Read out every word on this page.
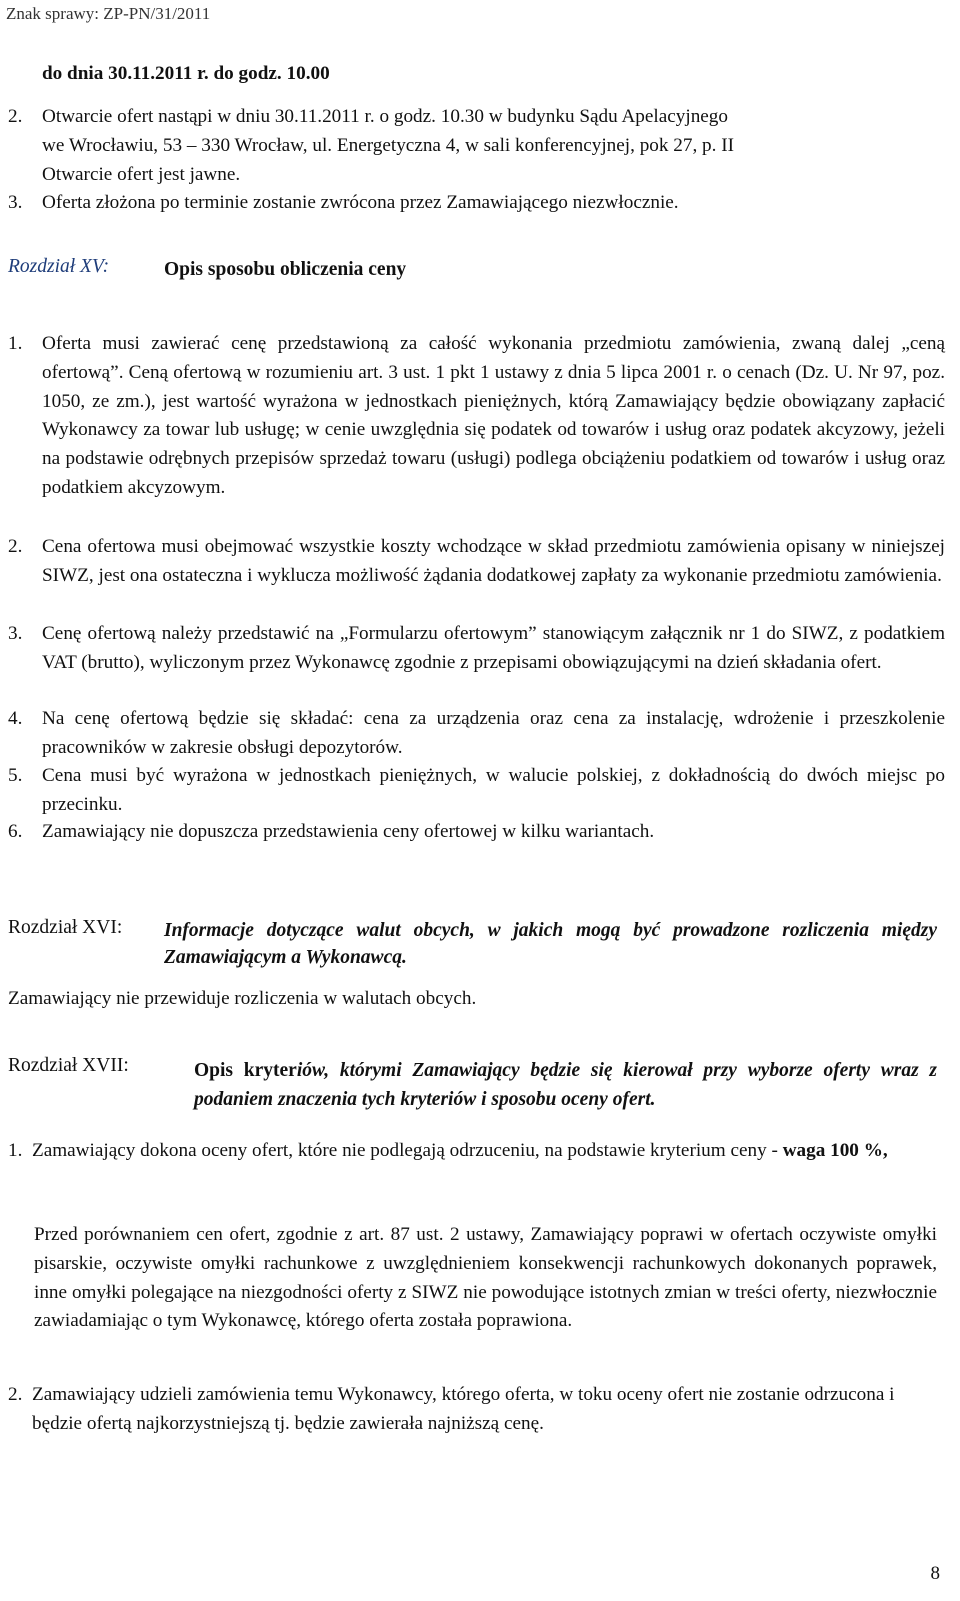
Znak sprawy: ZP-PN/31/2011
do dnia 30.11.2011 r. do godz. 10.00
2. Otwarcie ofert nastąpi w dniu 30.11.2011 r. o godz. 10.30 w budynku Sądu Apelacyjnego
we Wrocławiu, 53 – 330 Wrocław, ul. Energetyczna 4, w sali konferencyjnej, pok 27, p. II
Otwarcie ofert jest jawne.
3. Oferta złożona po terminie zostanie zwrócona przez Zamawiającego niezwłocznie.
Rozdział XV:	Opis sposobu obliczenia ceny
1. Oferta musi zawierać cenę przedstawioną za całość wykonania przedmiotu zamówienia, zwaną dalej „ceną ofertową”. Ceną ofertową w rozumieniu art. 3 ust. 1 pkt 1 ustawy z dnia 5 lipca 2001 r. o cenach (Dz. U. Nr 97, poz. 1050, ze zm.), jest wartość wyrażona w jednostkach pieniężnych, którą Zamawiający będzie obowiązany zapłacić Wykonawcy za towar lub usługę; w cenie uwzględnia się podatek od towarów i usług oraz podatek akcyzowy, jeżeli na podstawie odrębnych przepisów sprzedaż towaru (usługi) podlega obciążeniu podatkiem od towarów i usług oraz podatkiem akcyzowym.
2. Cena ofertowa musi obejmować wszystkie koszty wchodzące w skład przedmiotu zamówienia opisany w niniejszej SIWZ, jest ona ostateczna i wyklucza możliwość żądania dodatkowej zapłaty za wykonanie przedmiotu zamówienia.
3. Cenę ofertową należy przedstawić na „Formularzu ofertowym” stanowiącym załącznik nr 1 do SIWZ, z podatkiem VAT (brutto), wyliczonym przez Wykonawcę zgodnie z przepisami obowiązującymi na dzień składania ofert.
4. Na cenę ofertową będzie się składać: cena za urządzenia oraz cena za instalację, wdrożenie i przeszkolenie pracowników w zakresie obsługi depozytorów.
5. Cena musi być wyrażona w jednostkach pieniężnych, w walucie polskiej, z dokładnością do dwóch miejsc po przecinku.
6. Zamawiający nie dopuszcza przedstawienia ceny ofertowej w kilku wariantach.
Rozdział XVI: Informacje dotyczące walut obcych, w jakich mogą być prowadzone rozliczenia między Zamawiającym a Wykonawcą.
Zamawiający nie przewiduje rozliczenia w walutach obcych.
Rozdział XVII:	Opis kryteriów, którymi Zamawiający będzie się kierował przy wyborze oferty wraz z podaniem znaczenia tych kryteriów i sposobu oceny ofert.
1. Zamawiający dokona oceny ofert, które nie podlegają odrzuceniu, na podstawie kryterium ceny - waga 100 %,
Przed porównaniem cen ofert, zgodnie z art. 87 ust. 2 ustawy, Zamawiający poprawi w ofertach oczywiste omyłki pisarskie, oczywiste omyłki rachunkowe z uwzględnieniem konsekwencji rachunkowych dokonanych poprawek, inne omyłki polegające na niezgodności oferty z SIWZ nie powodujące istotnych zmian w treści oferty, niezwłocznie zawiadamiając o tym Wykonawcę, którego oferta została poprawiona.
2. Zamawiający udzieli zamówienia temu Wykonawcy, którego oferta, w toku oceny ofert nie zostanie odrzucona i będzie ofertą najkorzystniejszą tj. będzie zawierała najniższą cenę.
8
